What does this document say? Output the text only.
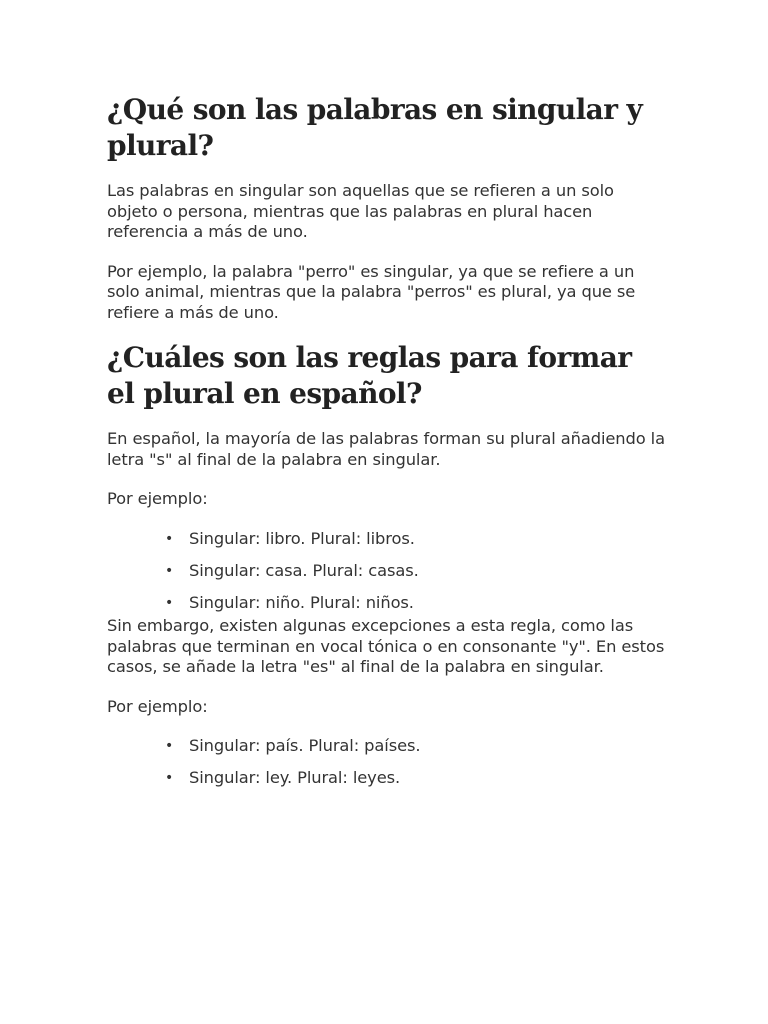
¿Qué son las palabras en singular y plural?

Las palabras en singular son aquellas que se refieren a un solo objeto o persona, mientras que las palabras en plural hacen referencia a más de uno.

Por ejemplo, la palabra "perro" es singular, ya que se refiere a un solo animal, mientras que la palabra "perros" es plural, ya que se refiere a más de uno.

¿Cuáles son las reglas para formar el plural en español?

En español, la mayoría de las palabras forman su plural añadiendo la letra "s" al final de la palabra en singular.

Por ejemplo:

• Singular: libro. Plural: libros.
• Singular: casa. Plural: casas.
• Singular: niño. Plural: niños.

Sin embargo, existen algunas excepciones a esta regla, como las palabras que terminan en vocal tónica o en consonante "y". En estos casos, se añade la letra "es" al final de la palabra en singular.

Por ejemplo:

• Singular: país. Plural: países.
• Singular: ley. Plural: leyes.
